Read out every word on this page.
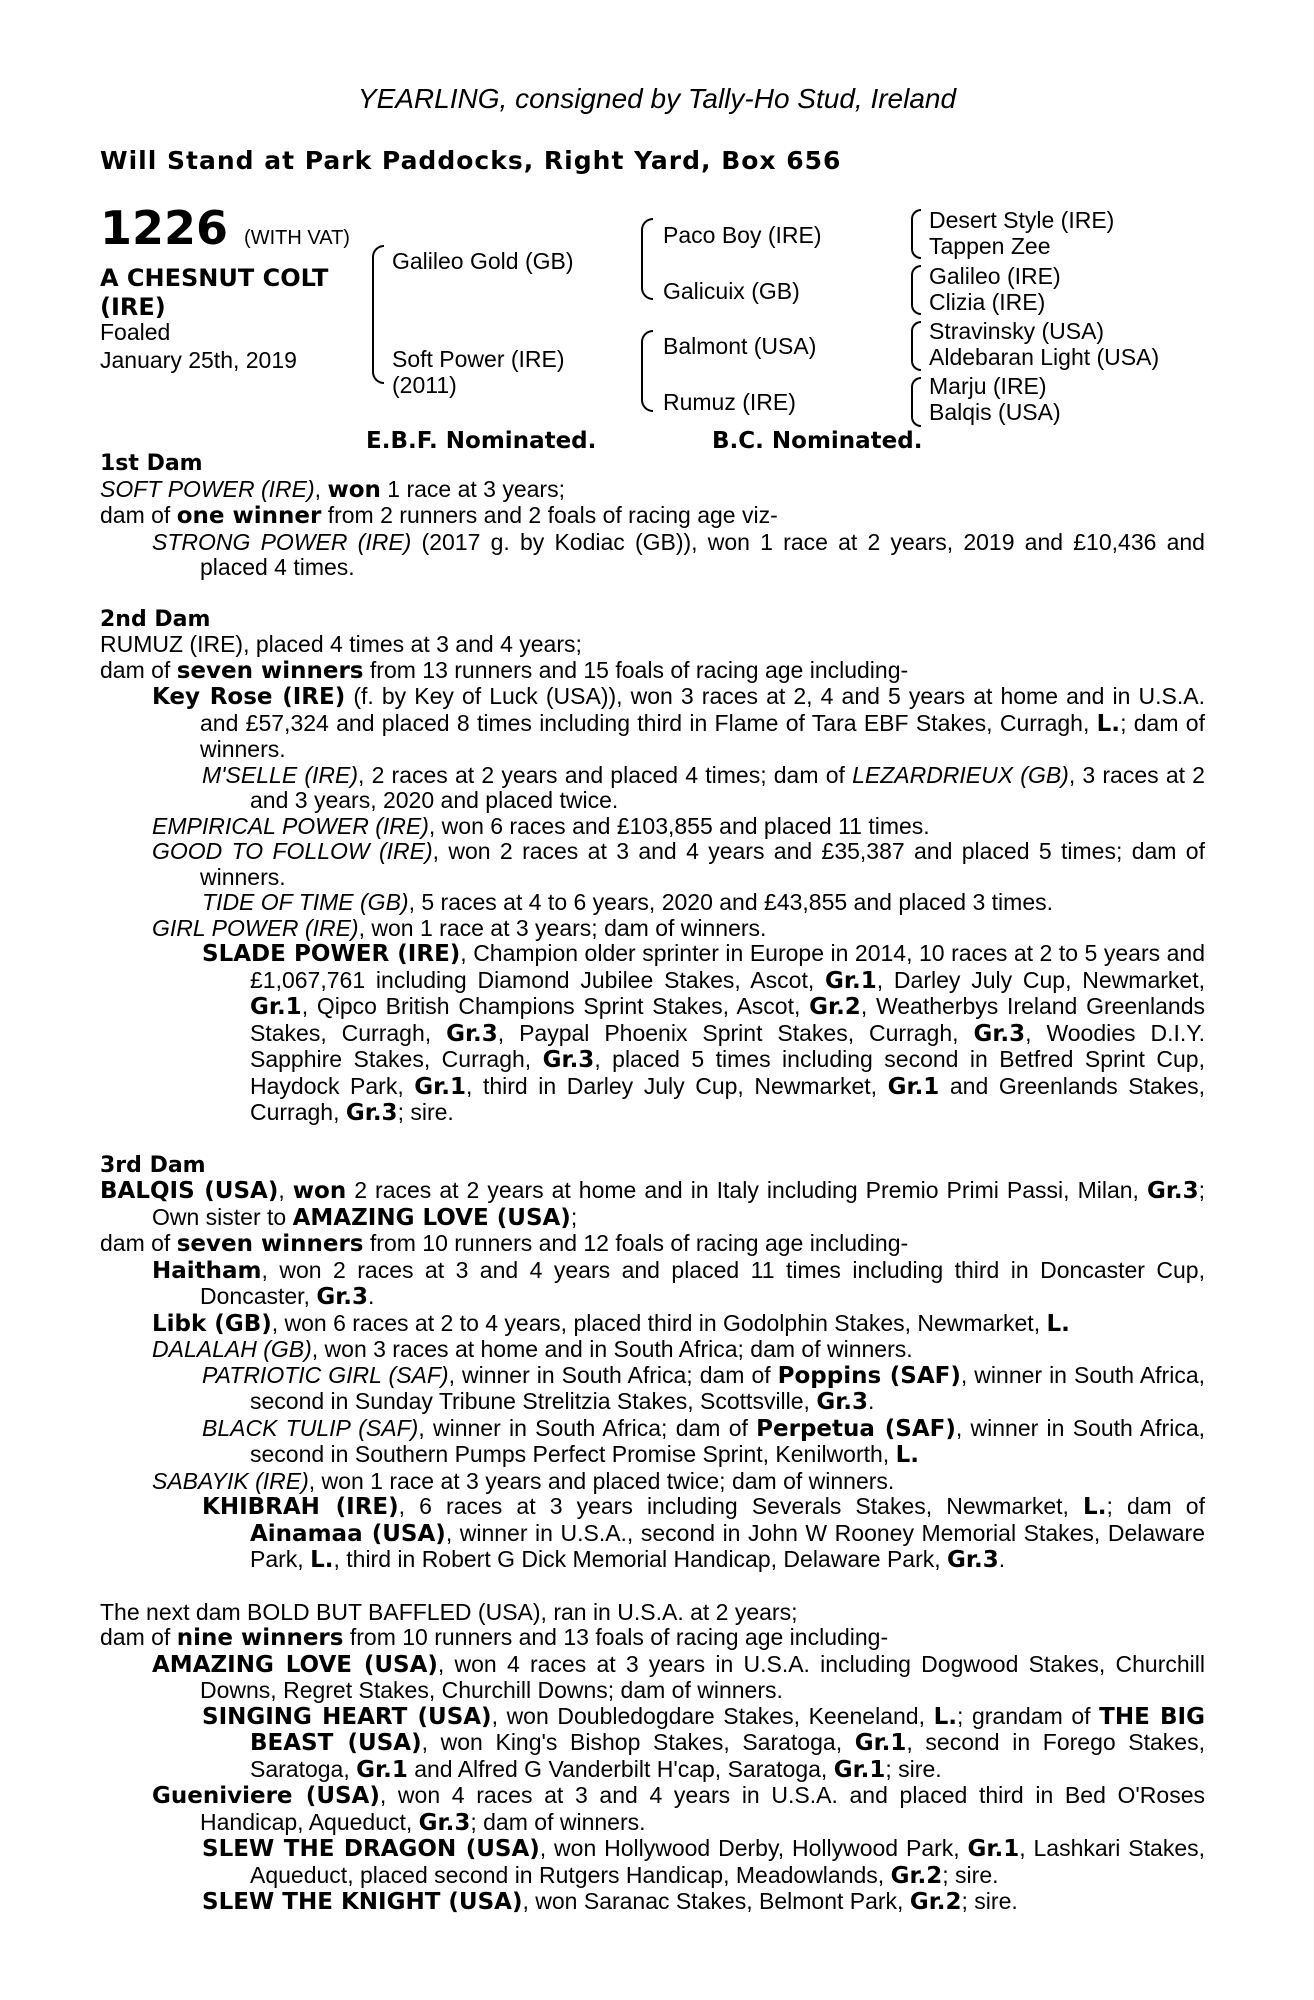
YEARLING, consigned by Tally-Ho Stud, Ireland
Will Stand at Park Paddocks, Right Yard, Box 656
1226 (WITH VAT)
A CHESNUT COLT
(IRE)
Foaled
January 25th, 2019
Galileo Gold (GB)
Soft Power (IRE)
(2011)
Paco Boy (IRE)
Galicuix (GB)
Balmont (USA)
Rumuz (IRE)
Desert Style (IRE)
Tappen Zee
Galileo (IRE)
Clizia (IRE)
Stravinsky (USA)
Aldebaran Light (USA)
Marju (IRE)
Balqis (USA)
E.B.F. Nominated.	B.C. Nominated.

1st Dam

SOFT POWER (IRE), won 1 race at 3 years;

dam of one winner from 2 runners and 2 foals of racing age viz-

STRONG POWER (IRE) (2017 g. by Kodiac (GB)), won 1 race at 2 years, 2019 and £10,436 and placed 4 times.

2nd Dam

RUMUZ (IRE), placed 4 times at 3 and 4 years;

dam of seven winners from 13 runners and 15 foals of racing age including-

Key Rose (IRE) (f. by Key of Luck (USA)), won 3 races at 2, 4 and 5 years at home and in U.S.A. and £57,324 and placed 8 times including third in Flame of Tara EBF Stakes, Curragh, L.; dam of winners.

M'SELLE (IRE), 2 races at 2 years and placed 4 times; dam of LEZARDRIEUX (GB), 3 races at 2 and 3 years, 2020 and placed twice.

EMPIRICAL POWER (IRE), won 6 races and £103,855 and placed 11 times.

GOOD TO FOLLOW (IRE), won 2 races at 3 and 4 years and £35,387 and placed 5 times; dam of winners.

TIDE OF TIME (GB), 5 races at 4 to 6 years, 2020 and £43,855 and placed 3 times.

GIRL POWER (IRE), won 1 race at 3 years; dam of winners.

SLADE POWER (IRE), Champion older sprinter in Europe in 2014, 10 races at 2 to 5 years and £1,067,761 including Diamond Jubilee Stakes, Ascot, Gr.1, Darley July Cup, Newmarket, Gr.1, Qipco British Champions Sprint Stakes, Ascot, Gr.2, Weatherbys Ireland Greenlands Stakes, Curragh, Gr.3, Paypal Phoenix Sprint Stakes, Curragh, Gr.3, Woodies D.I.Y. Sapphire Stakes, Curragh, Gr.3, placed 5 times including second in Betfred Sprint Cup, Haydock Park, Gr.1, third in Darley July Cup, Newmarket, Gr.1 and Greenlands Stakes, Curragh, Gr.3; sire.

3rd Dam

BALQIS (USA), won 2 races at 2 years at home and in Italy including Premio Primi Passi, Milan, Gr.3; Own sister to AMAZING LOVE (USA);

dam of seven winners from 10 runners and 12 foals of racing age including-

Haitham, won 2 races at 3 and 4 years and placed 11 times including third in Doncaster Cup, Doncaster, Gr.3.

Libk (GB), won 6 races at 2 to 4 years, placed third in Godolphin Stakes, Newmarket, L.

DALALAH (GB), won 3 races at home and in South Africa; dam of winners.

PATRIOTIC GIRL (SAF), winner in South Africa; dam of Poppins (SAF), winner in South Africa, second in Sunday Tribune Strelitzia Stakes, Scottsville, Gr.3.

BLACK TULIP (SAF), winner in South Africa; dam of Perpetua (SAF), winner in South Africa, second in Southern Pumps Perfect Promise Sprint, Kenilworth, L.

SABAYIK (IRE), won 1 race at 3 years and placed twice; dam of winners.

KHIBRAH (IRE), 6 races at 3 years including Severals Stakes, Newmarket, L.; dam of Ainamaa (USA), winner in U.S.A., second in John W Rooney Memorial Stakes, Delaware Park, L., third in Robert G Dick Memorial Handicap, Delaware Park, Gr.3.

The next dam BOLD BUT BAFFLED (USA), ran in U.S.A. at 2 years;

dam of nine winners from 10 runners and 13 foals of racing age including-

AMAZING LOVE (USA), won 4 races at 3 years in U.S.A. including Dogwood Stakes, Churchill Downs, Regret Stakes, Churchill Downs; dam of winners.

SINGING HEART (USA), won Doubledogdare Stakes, Keeneland, L.; grandam of THE BIG BEAST (USA), won King's Bishop Stakes, Saratoga, Gr.1, second in Forego Stakes, Saratoga, Gr.1 and Alfred G Vanderbilt H'cap, Saratoga, Gr.1; sire.

Gueniviere (USA), won 4 races at 3 and 4 years in U.S.A. and placed third in Bed O'Roses Handicap, Aqueduct, Gr.3; dam of winners.

SLEW THE DRAGON (USA), won Hollywood Derby, Hollywood Park, Gr.1, Lashkari Stakes, Aqueduct, placed second in Rutgers Handicap, Meadowlands, Gr.2; sire.

SLEW THE KNIGHT (USA), won Saranac Stakes, Belmont Park, Gr.2; sire.
